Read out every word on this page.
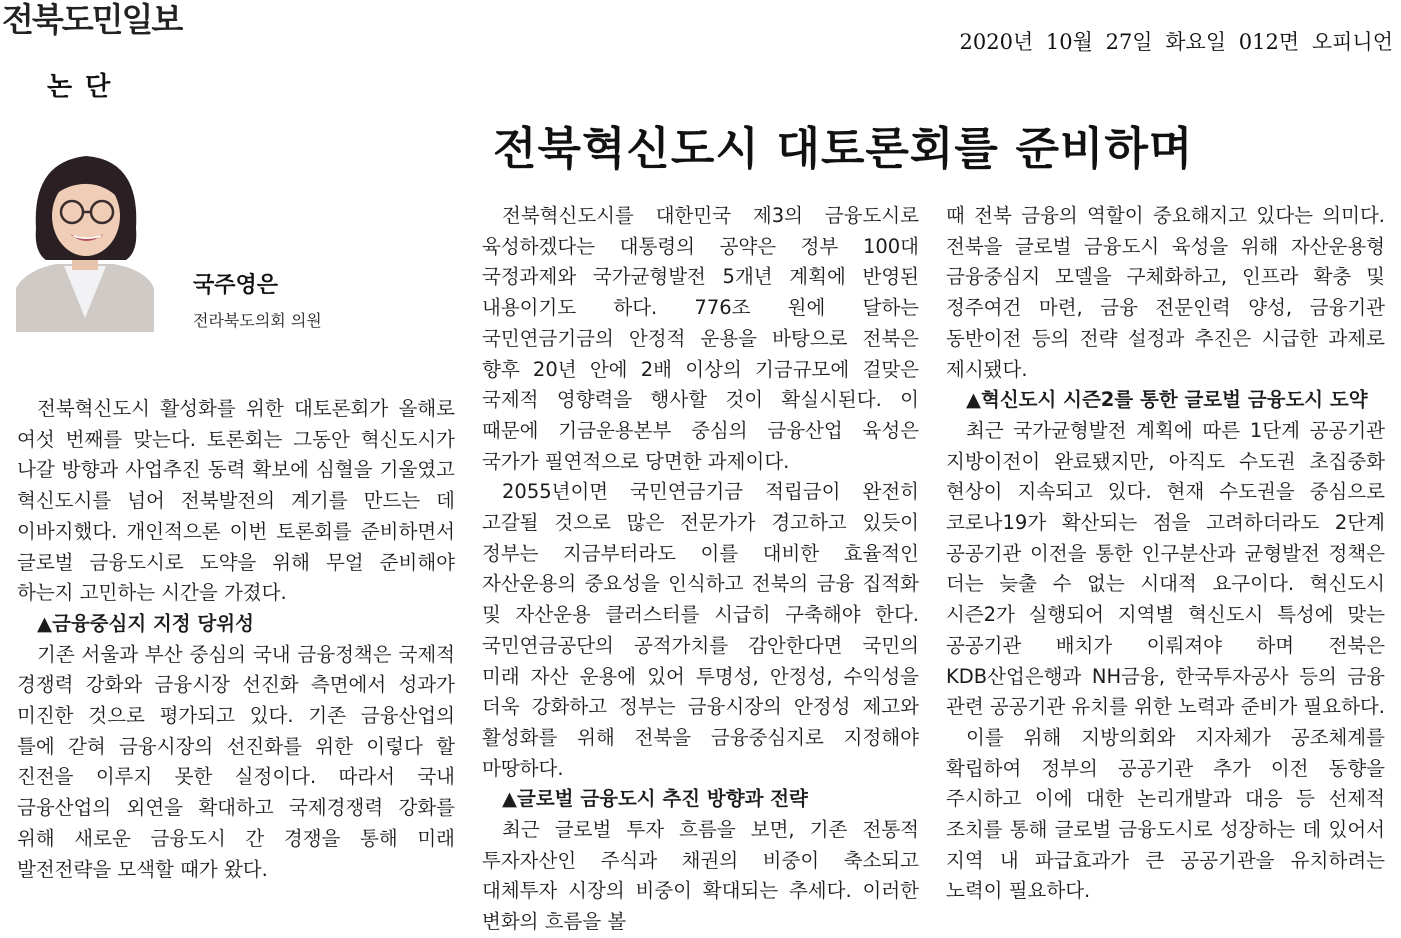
전북도민일보
2020년 10월 27일 화요일 012면 오피니언
논 단
전북혁신도시 대토론회를 준비하며
국주영은
전라북도의회 의원

전북혁신도시 활성화를 위한 대토론회가 올해로 여섯 번째를 맞는다. 토론회는 그동안 혁신도시가 나갈 방향과 사업추진 동력 확보에 심혈을 기울였고 혁신도시를 넘어 전북발전의 계기를 만드는 데 이바지했다. 개인적으론 이번 토론회를 준비하면서 글로벌 금융도시로 도약을 위해 무얼 준비해야 하는지 고민하는 시간을 가졌다.

▲금융중심지 지정 당위성

기존 서울과 부산 중심의 국내 금융정책은 국제적 경쟁력 강화와 금융시장 선진화 측면에서 성과가 미진한 것으로 평가되고 있다. 기존 금융산업의 틀에 갇혀 금융시장의 선진화를 위한 이렇다 할 진전을 이루지 못한 실정이다. 따라서 국내 금융산업의 외연을 확대하고 국제경쟁력 강화를 위해 새로운 금융도시 간 경쟁을 통해 미래 발전전략을 모색할 때가 왔다.

전북혁신도시를 대한민국 제3의 금융도시로 육성하겠다는 대통령의 공약은 정부 100대 국정과제와 국가균형발전 5개년 계획에 반영된 내용이기도 하다. 776조 원에 달하는 국민연금기금의 안정적 운용을 바탕으로 전북은 향후 20년 안에 2배 이상의 기금규모에 걸맞은 국제적 영향력을 행사할 것이 확실시된다. 이 때문에 기금운용본부 중심의 금융산업 육성은 국가가 필연적으로 당면한 과제이다.

2055년이면 국민연금기금 적립금이 완전히 고갈될 것으로 많은 전문가가 경고하고 있듯이 정부는 지금부터라도 이를 대비한 효율적인 자산운용의 중요성을 인식하고 전북의 금융 집적화 및 자산운용 클러스터를 시급히 구축해야 한다. 국민연금공단의 공적가치를 감안한다면 국민의 미래 자산 운용에 있어 투명성, 안정성, 수익성을 더욱 강화하고 정부는 금융시장의 안정성 제고와 활성화를 위해 전북을 금융중심지로 지정해야 마땅하다.

▲글로벌 금융도시 추진 방향과 전략

최근 글로벌 투자 흐름을 보면, 기존 전통적 투자자산인 주식과 채권의 비중이 축소되고 대체투자 시장의 비중이 확대되는 추세다. 이러한 변화의 흐름을 볼

때 전북 금융의 역할이 중요해지고 있다는 의미다. 전북을 글로벌 금융도시 육성을 위해 자산운용형 금융중심지 모델을 구체화하고, 인프라 확충 및 정주여건 마련, 금융 전문인력 양성, 금융기관 동반이전 등의 전략 설정과 추진은 시급한 과제로 제시됐다.

▲혁신도시 시즌2를 통한 글로벌 금융도시 도약

최근 국가균형발전 계획에 따른 1단계 공공기관 지방이전이 완료됐지만, 아직도 수도권 초집중화 현상이 지속되고 있다. 현재 수도권을 중심으로 코로나19가 확산되는 점을 고려하더라도 2단계 공공기관 이전을 통한 인구분산과 균형발전 정책은 더는 늦출 수 없는 시대적 요구이다. 혁신도시 시즌2가 실행되어 지역별 혁신도시 특성에 맞는 공공기관 배치가 이뤄져야 하며 전북은 KDB산업은행과 NH금융, 한국투자공사 등의 금융 관련 공공기관 유치를 위한 노력과 준비가 필요하다.

이를 위해 지방의회와 지자체가 공조체계를 확립하여 정부의 공공기관 추가 이전 동향을 주시하고 이에 대한 논리개발과 대응 등 선제적 조치를 통해 글로벌 금융도시로 성장하는 데 있어서 지역 내 파급효과가 큰 공공기관을 유치하려는 노력이 필요하다.
